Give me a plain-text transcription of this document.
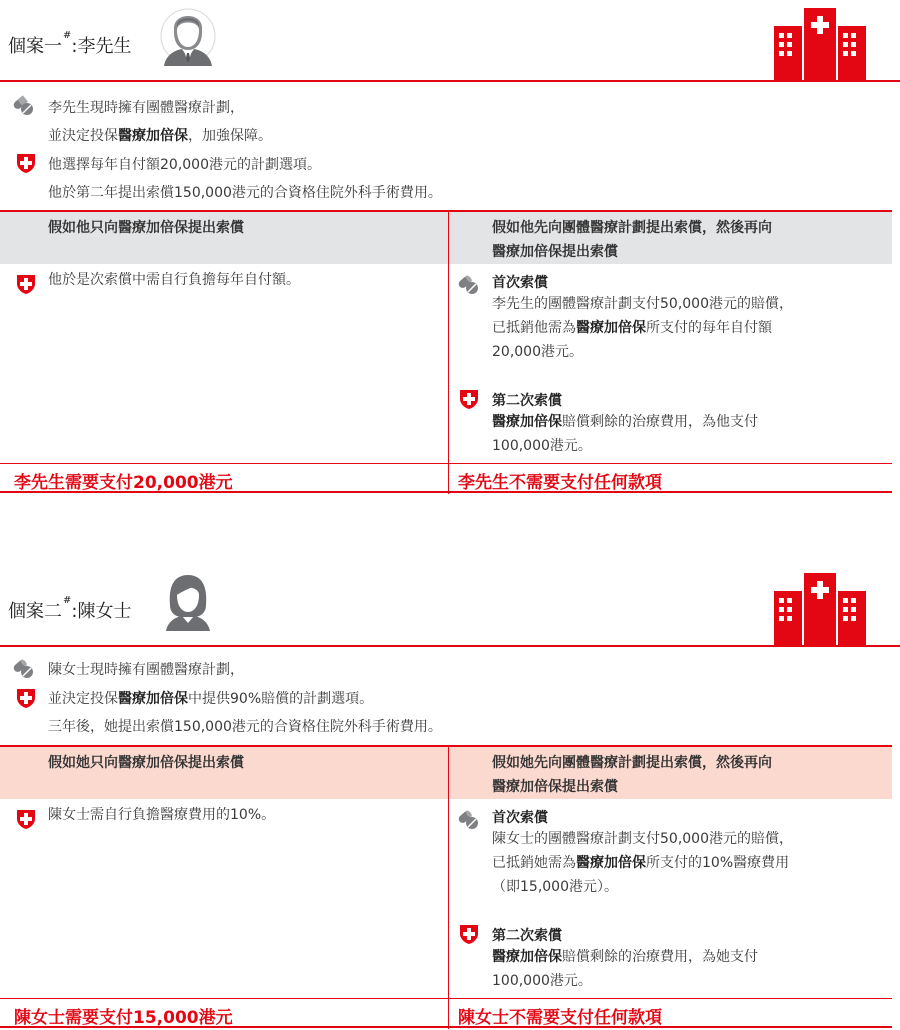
個案一#:李先生
李先生現時擁有團體醫療計劃，
並決定投保醫療加倍保，加強保障。
他選擇每年自付額20,000港元的計劃選項。
他於第二年提出索償150,000港元的合資格住院外科手術費用。
假如他只向醫療加倍保提出索償	假如他先向團體醫療計劃提出索償，然後再向
醫療加倍保提出索償
他於是次索償中需自行負擔每年自付額。	首次索償
李先生的團體醫療計劃支付50,000港元的賠償，
已抵銷他需為醫療加倍保所支付的每年自付額
20,000港元。
第二次索償
醫療加倍保賠償剩餘的治療費用，為他支付
100,000港元。
李先生需要支付20,000港元	李先生不需要支付任何款項
個案二#:陳女士
陳女士現時擁有團體醫療計劃，
並決定投保醫療加倍保中提供90%賠償的計劃選項。
三年後，她提出索償150,000港元的合資格住院外科手術費用。
假如她只向醫療加倍保提出索償	假如她先向團體醫療計劃提出索償，然後再向
醫療加倍保提出索償
陳女士需自行負擔醫療費用的10%。	首次索償
陳女士的團體醫療計劃支付50,000港元的賠償，
已抵銷她需為醫療加倍保所支付的10%醫療費用
（即15,000港元）。
第二次索償
醫療加倍保賠償剩餘的治療費用，為她支付
100,000港元。
陳女士需要支付15,000港元	陳女士不需要支付任何款項
